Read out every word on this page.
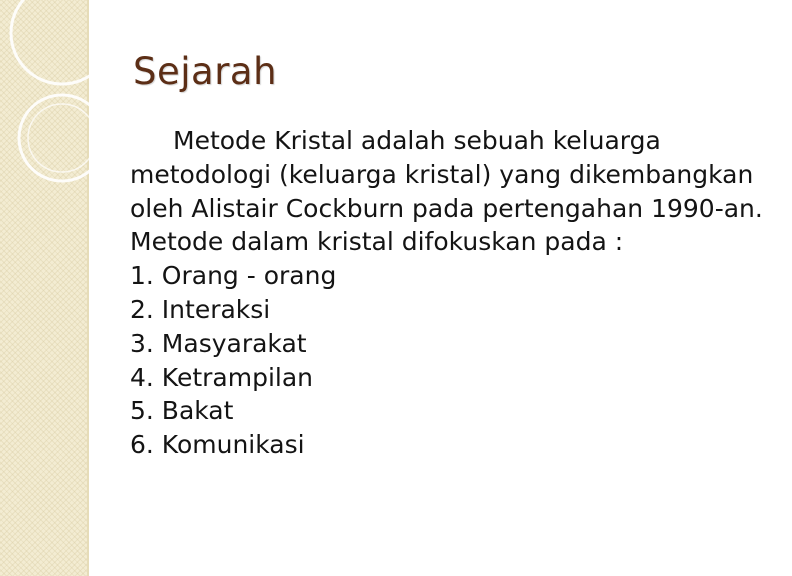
Sejarah

Metode Kristal adalah sebuah keluarga metodologi (keluarga kristal) yang dikembangkan oleh Alistair Cockburn pada pertengahan 1990-an.

Metode dalam kristal difokuskan pada :

1. Orang - orang
2. Interaksi
3. Masyarakat
4. Ketrampilan
5. Bakat
6. Komunikasi
